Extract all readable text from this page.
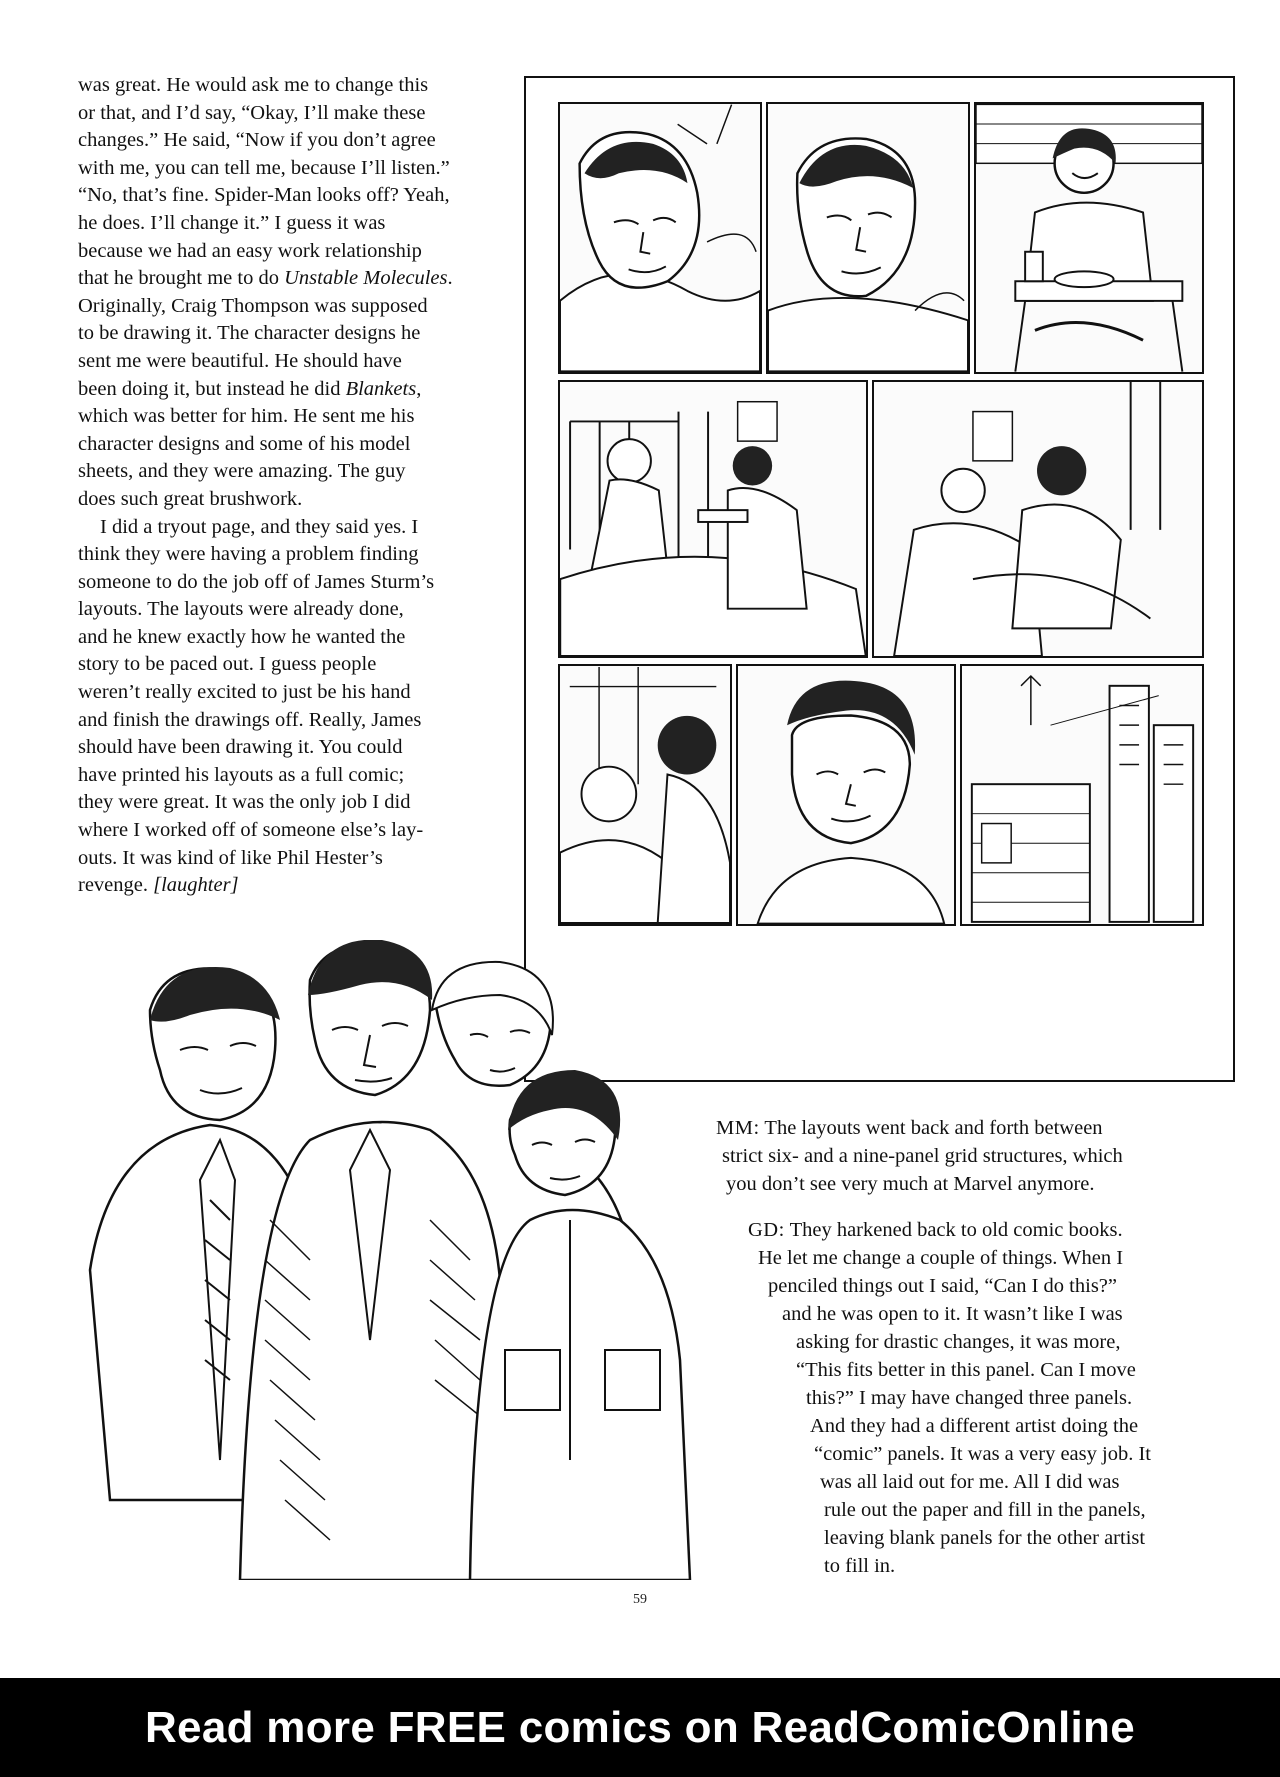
was great. He would ask me to change this
or that, and I’d say, “Okay, I’ll make these
changes.” He said, “Now if you don’t agree
with me, you can tell me, because I’ll listen.”
“No, that’s fine. Spider-Man looks off? Yeah,
he does. I’ll change it.” I guess it was
because we had an easy work relationship
that he brought me to do Unstable Molecules.
Originally, Craig Thompson was supposed
to be drawing it. The character designs he
sent me were beautiful. He should have
been doing it, but instead he did Blankets,
which was better for him. He sent me his
character designs and some of his model
sheets, and they were amazing. The guy
does such great brushwork.

I did a tryout page, and they said yes. I
think they were having a problem finding
someone to do the job off of James Sturm’s
layouts. The layouts were already done,
and he knew exactly how he wanted the
story to be paced out. I guess people
weren’t really excited to just be his hand
and finish the drawings off. Really, James
should have been drawing it. You could
have printed his layouts as a full comic;
they were great. It was the only job I did
where I worked off of someone else’s lay-
outs. It was kind of like Phil Hester’s
revenge. [laughter]

MM: The layouts went back and forth between
strict six- and a nine-panel grid structures, which
you don’t see very much at Marvel anymore.
GD: They harkened back to old comic books.
He let me change a couple of things. When I
penciled things out I said, “Can I do this?”
and he was open to it. It wasn’t like I was
asking for drastic changes, it was more,
“This fits better in this panel. Can I move
this?” I may have changed three panels.
And they had a different artist doing the
“comic” panels. It was a very easy job. It
was all laid out for me. All I did was
rule out the paper and fill in the panels,
leaving blank panels for the other artist
to fill in.
59
Read more FREE comics on ReadComicOnline
